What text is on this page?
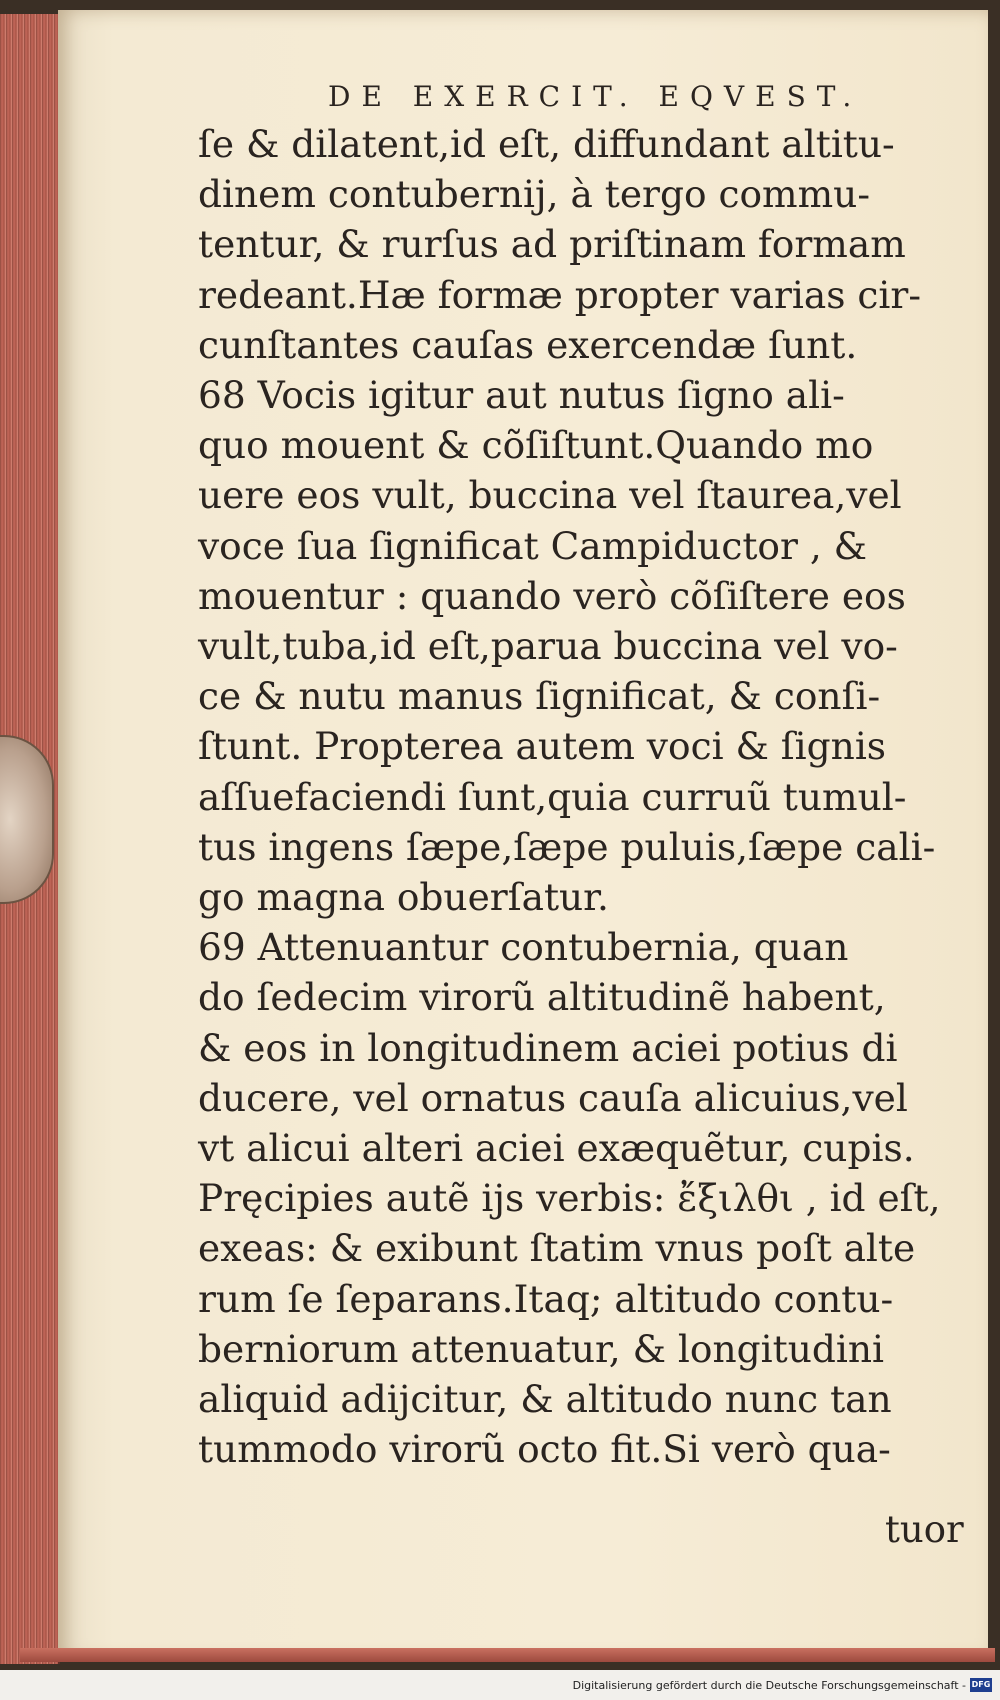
DE EXERCIT. EQVEST.
ſe & dilatent,id eſt, diffundant altitu-
dinem contubernij, à tergo commu-
tentur, & rurſus ad priſtinam formam
redeant.Hæ formæ propter varias cir-
cunſtantes cauſas exercendæ ſunt.
68 Vocis igitur aut nutus ſigno ali-
quo mouent & cõſiſtunt.Quando mo
uere eos vult, buccina vel ſtaurea,vel
voce ſua ſignificat Campiductor , &
mouentur : quando verò cõſiſtere eos
vult,tuba,id eſt,parua buccina vel vo-
ce & nutu manus ſignificat, & conſi-
ſtunt. Propterea autem voci & ſignis
aſſuefaciendi ſunt,quia curruũ tumul-
tus ingens ſæpe,ſæpe puluis,ſæpe cali-
go magna obuerſatur.
69 Attenuantur contubernia, quan
do ſedecim virorũ altitudinẽ habent,
& eos in longitudinem aciei potius di
ducere, vel ornatus cauſa alicuius,vel
vt alicui alteri aciei exæquẽtur, cupis.
Pręcipies autẽ ijs verbis: ἔξιλθι , id eſt,
exeas: & exibunt ſtatim vnus poſt alte
rum ſe ſeparans.Itaq; altitudo contu-
berniorum attenuatur, & longitudini
aliquid adijcitur, & altitudo nunc tan
tummodo virorũ octo fit.Si verò qua-
tuor
Digitalisierung gefördert durch die Deutsche Forschungsgemeinschaft - DFG
